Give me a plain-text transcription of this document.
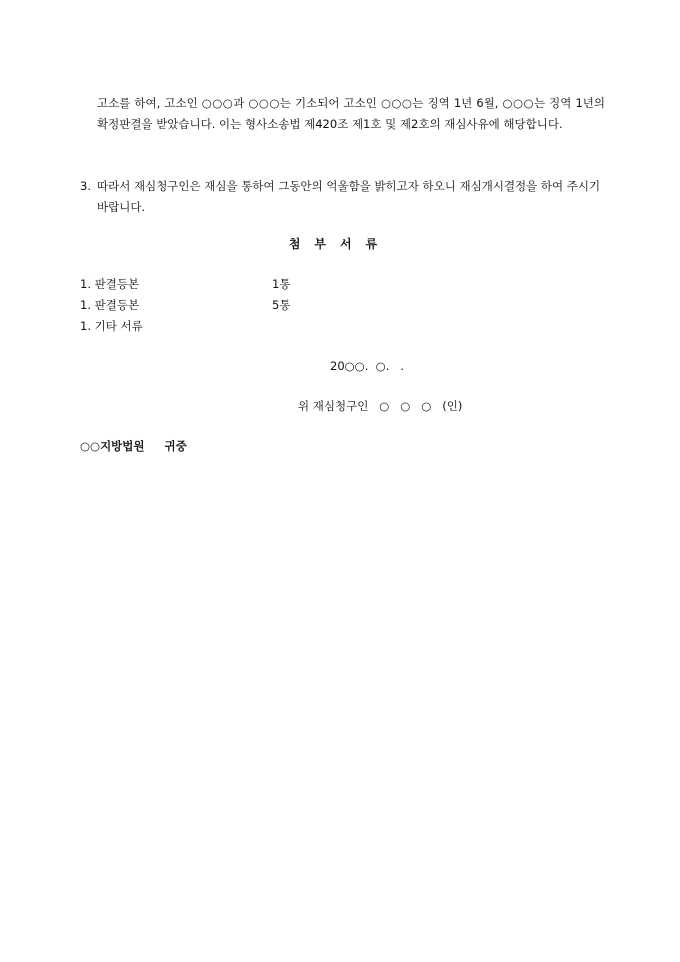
고소를 하여, 고소인 ○○○과 ○○○는 기소되어 고소인 ○○○는 징역 1년 6월, ○○○는 징역 1년의 확정판결을 받았습니다. 이는 형사소송법 제420조 제1호 및 제2호의 재심사유에 해당합니다.

3. 따라서 재심청구인은 재심을 통하여 그동안의 억울함을 밝히고자 하오니 재심개시결정을 하여 주시기 바랍니다.
첨부서류
1. 판결등본	1통
1. 판결등본	5통
1. 기타 서류
20○○.  ○.   .
위 재심청구인   ○   ○   ○   (인)
○○지방법원     귀중
